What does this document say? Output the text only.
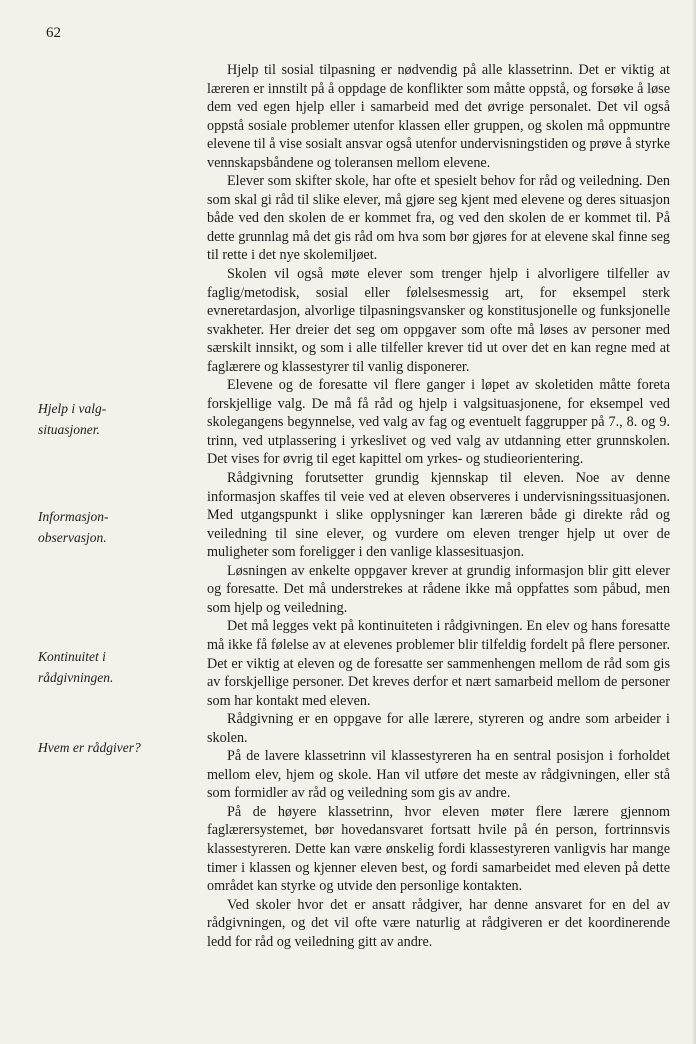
62
Hjelp i valg-
situasjoner.
Informasjon-
observasjon.
Kontinuitet i
rådgivningen.
Hvem er rådgiver?

Hjelp til sosial tilpasning er nødvendig på alle klassetrinn. Det er viktig at læreren er innstilt på å oppdage de konflikter som måtte oppstå, og forsøke å løse dem ved egen hjelp eller i samarbeid med det øvrige personalet. Det vil også oppstå sosiale problemer utenfor klassen eller gruppen, og skolen må oppmuntre elevene til å vise sosialt ansvar også utenfor undervisningstiden og prøve å styrke vennskapsbåndene og toleransen mellom elevene.

Elever som skifter skole, har ofte et spesielt behov for råd og veiledning. Den som skal gi råd til slike elever, må gjøre seg kjent med elevene og deres situasjon både ved den skolen de er kommet fra, og ved den skolen de er kommet til. På dette grunnlag må det gis råd om hva som bør gjøres for at elevene skal finne seg til rette i det nye skolemiljøet.

Skolen vil også møte elever som trenger hjelp i alvorligere tilfeller av faglig/metodisk, sosial eller følelsesmessig art, for eksempel sterk evneretardasjon, alvorlige tilpasningsvansker og konstitusjonelle og funksjonelle svakheter. Her dreier det seg om oppgaver som ofte må løses av personer med særskilt innsikt, og som i alle tilfeller krever tid ut over det en kan regne med at faglærere og klassestyrer til vanlig disponerer.

Elevene og de foresatte vil flere ganger i løpet av skoletiden måtte foreta forskjellige valg. De må få råd og hjelp i valgsituasjonene, for eksempel ved skolegangens begynnelse, ved valg av fag og eventuelt faggrupper på 7., 8. og 9. trinn, ved utplassering i yrkeslivet og ved valg av utdanning etter grunnskolen. Det vises for øvrig til eget kapittel om yrkes- og studieorientering.

Rådgivning forutsetter grundig kjennskap til eleven. Noe av denne informasjon skaffes til veie ved at eleven observeres i undervisningssituasjonen. Med utgangspunkt i slike opplysninger kan læreren både gi direkte råd og veiledning til sine elever, og vurdere om eleven trenger hjelp ut over de muligheter som foreligger i den vanlige klassesituasjon.

Løsningen av enkelte oppgaver krever at grundig informasjon blir gitt elever og foresatte. Det må understrekes at rådene ikke må oppfattes som påbud, men som hjelp og veiledning.

Det må legges vekt på kontinuiteten i rådgivningen. En elev og hans foresatte må ikke få følelse av at elevenes problemer blir tilfeldig fordelt på flere personer. Det er viktig at eleven og de foresatte ser sammenhengen mellom de råd som gis av forskjellige personer. Det kreves derfor et nært samarbeid mellom de personer som har kontakt med eleven.

Rådgivning er en oppgave for alle lærere, styreren og andre som arbeider i skolen.

På de lavere klassetrinn vil klassestyreren ha en sentral posisjon i forholdet mellom elev, hjem og skole. Han vil utføre det meste av rådgivningen, eller stå som formidler av råd og veiledning som gis av andre.

På de høyere klassetrinn, hvor eleven møter flere lærere gjennom faglærersystemet, bør hovedansvaret fortsatt hvile på én person, fortrinnsvis klassestyreren. Dette kan være ønskelig fordi klassestyreren vanligvis har mange timer i klassen og kjenner eleven best, og fordi samarbeidet med eleven på dette området kan styrke og utvide den personlige kontakten.

Ved skoler hvor det er ansatt rådgiver, har denne ansvaret for en del av rådgivningen, og det vil ofte være naturlig at rådgiveren er det koordinerende ledd for råd og veiledning gitt av andre.
